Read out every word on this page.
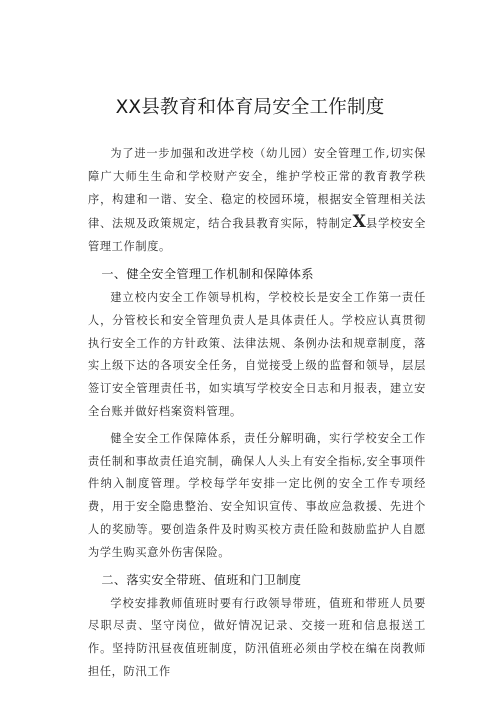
XX县教育和体育局安全工作制度

为了进一步加强和改进学校（幼儿园）安全管理工作,切实保障广大师生生命和学校财产安全，维护学校正常的教育教学秩序，构建和一谐、安全、稳定的校园环境，根据安全管理相关法律、法规及政策规定，结合我县教育实际，特制定X县学校安全管理工作制度。

一、健全安全管理工作机制和保障体系

建立校内安全工作领导机构，学校校长是安全工作第一责任人，分管校长和安全管理负责人是具体责任人。学校应认真贯彻执行安全工作的方针政策、法律法规、条例办法和规章制度，落实上级下达的各项安全任务，自觉接受上级的监督和领导，层层签订安全管理责任书，如实填写学校安全日志和月报表，建立安全台账并做好档案资料管理。

健全安全工作保障体系，责任分解明确，实行学校安全工作责任制和事故责任追究制，确保人人头上有安全指标,安全事项件件纳入制度管理。学校每学年安排一定比例的安全工作专项经费，用于安全隐患整治、安全知识宣传、事故应急救援、先进个人的奖励等。要创造条件及时购买校方责任险和鼓励监护人自愿为学生购买意外伤害保险。

二、落实安全带班、值班和门卫制度

学校安排教师值班时要有行政领导带班，值班和带班人员要尽职尽责、坚守岗位，做好情况记录、交接一班和信息报送工作。坚持防汛昼夜值班制度，防汛值班必须由学校在编在岗教师担任，防汛工作
